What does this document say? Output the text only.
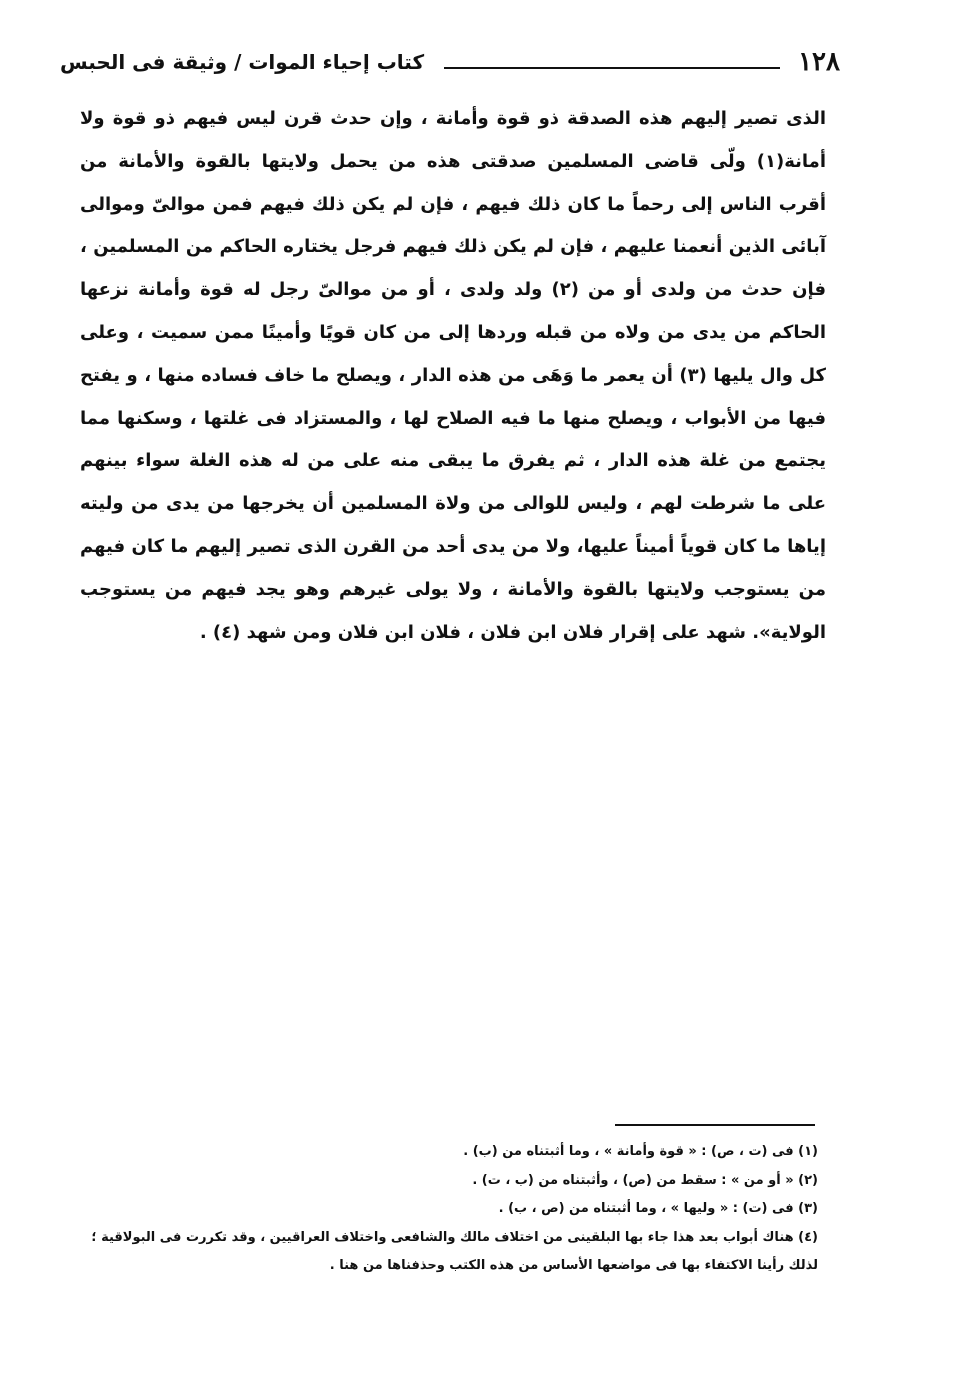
١٢٨
كتاب إحياء الموات / وثيقة فى الحبس
الذى تصير إليهم هذه الصدقة ذو قوة وأمانة ، وإن حدث قرن ليس فيهم ذو قوة ولا أمانة(١) ولّى قاضى المسلمين صدقتى هذه من يحمل ولايتها بالقوة والأمانة من أقرب الناس إلى رحماً ما كان ذلك فيهم ، فإن لم يكن ذلك فيهم فمن موالىّ وموالى آبائى الذين أنعمنا عليهم ، فإن لم يكن ذلك فيهم فرجل يختاره الحاكم من المسلمين ، فإن حدث من ولدى أو من (٢) ولد ولدى ، أو من موالىّ رجل له قوة وأمانة نزعها الحاكم من يدى من ولاه من قبله وردها إلى من كان قويًا وأمينًا ممن سميت ، وعلى كل وال يليها (٣) أن يعمر ما وَهَى من هذه الدار ، ويصلح ما خاف فساده منها ، و يفتح فيها من الأبواب ، ويصلح منها ما فيه الصلاح لها ، والمستزاد فى غلتها ، وسكنها مما يجتمع من غلة هذه الدار ، ثم يفرق ما يبقى منه على من له هذه الغلة سواء بينهم على ما شرطت لهم ، وليس للوالى من ولاة المسلمين أن يخرجها من يدى من وليته إياها ما كان قوياً أميناً عليها، ولا من يدى أحد من القرن الذى تصير إليهم ما كان فيهم من يستوجب ولايتها بالقوة والأمانة ، ولا يولى غيرهم وهو يجد فيهم من يستوجب الولاية». شهد على إقرار فلان ابن فلان ، فلان ابن فلان ومن شهد (٤) .

(١) فى (ت ، ص) : « قوة وأمانة » ، وما أثبتناه من (ب) .

(٢) « أو من » : سقط من (ص) ، وأثبتناه من (ب ، ت) .

(٣) فى (ت) : « وليها » ، وما أثبتناه من (ص ، ب) .

(٤) هناك أبواب بعد هذا جاء بها البلقينى من اختلاف مالك والشافعى واختلاف العراقيين ، وقد تكررت فى البولاقية ؛ لذلك رأينا الاكتفاء بها فى مواضعها الأساس من هذه الكتب وحذفناها من هنا .
